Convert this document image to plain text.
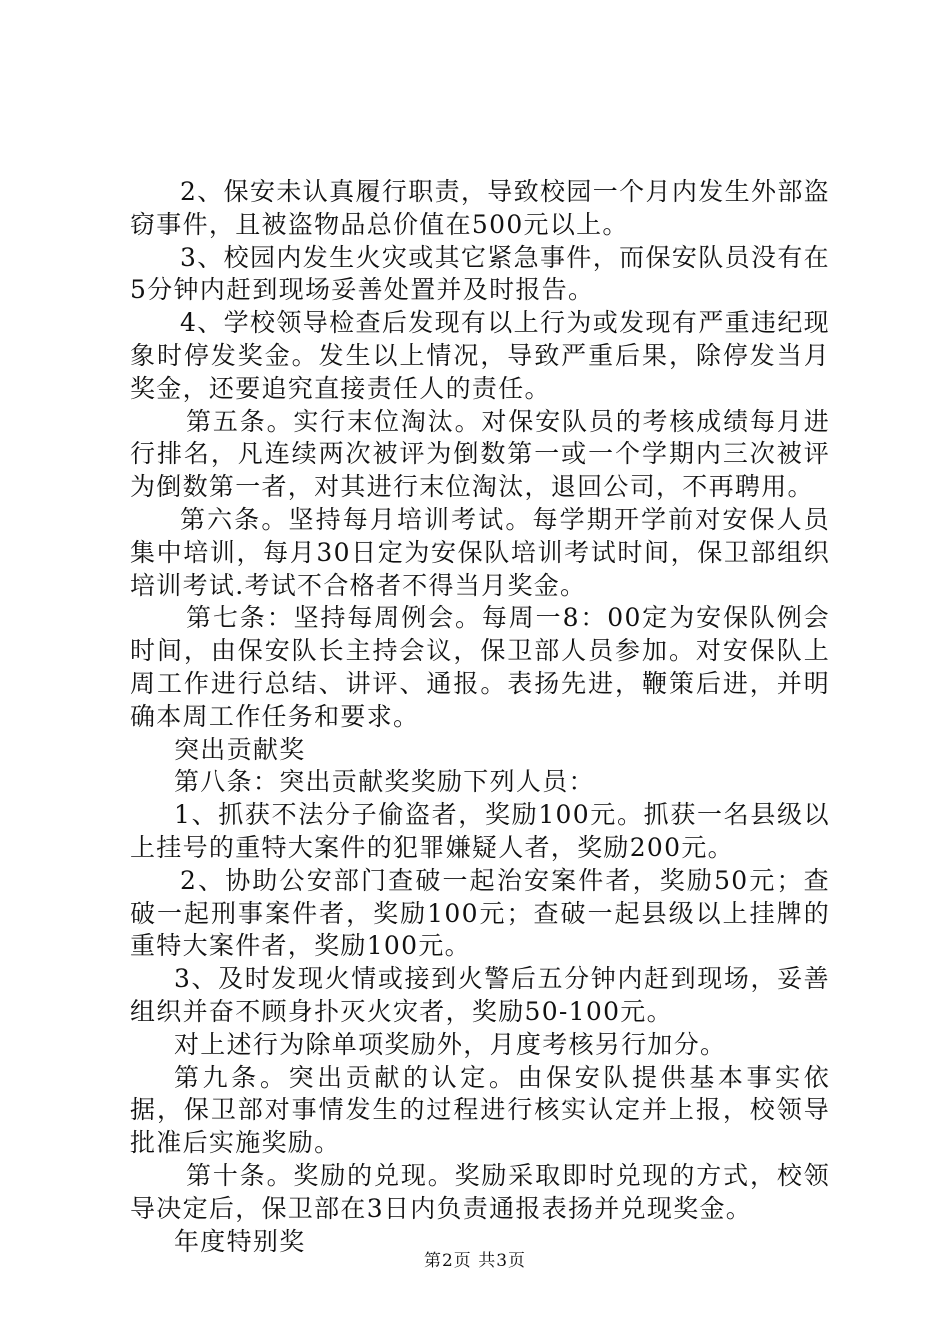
2、保安未认真履行职责，导致校园一个月内发生外部盗窃事件，且被盗物品总价值在500元以上。

3、校园内发生火灾或其它紧急事件，而保安队员没有在5分钟内赶到现场妥善处置并及时报告。

4、学校领导检查后发现有以上行为或发现有严重违纪现象时停发奖金。发生以上情况，导致严重后果，除停发当月奖金，还要追究直接责任人的责任。

第五条。实行末位淘汰。对保安队员的考核成绩每月进行排名，凡连续两次被评为倒数第一或一个学期内三次被评为倒数第一者，对其进行末位淘汰，退回公司，不再聘用。

第六条。坚持每月培训考试。每学期开学前对安保人员集中培训，每月30日定为安保队培训考试时间，保卫部组织培训考试.考试不合格者不得当月奖金。

第七条：坚持每周例会。每周一8：00定为安保队例会时间，由保安队长主持会议，保卫部人员参加。对安保队上周工作进行总结、讲评、通报。表扬先进，鞭策后进，并明确本周工作任务和要求。

突出贡献奖

第八条：突出贡献奖奖励下列人员：

1、抓获不法分子偷盗者，奖励100元。抓获一名县级以上挂号的重特大案件的犯罪嫌疑人者，奖励200元。

2、协助公安部门查破一起治安案件者，奖励50元；查破一起刑事案件者，奖励100元；查破一起县级以上挂牌的重特大案件者，奖励100元。

3、及时发现火情或接到火警后五分钟内赶到现场，妥善组织并奋不顾身扑灭火灾者，奖励50-100元。

对上述行为除单项奖励外，月度考核另行加分。

第九条。突出贡献的认定。由保安队提供基本事实依据，保卫部对事情发生的过程进行核实认定并上报，校领导批准后实施奖励。

第十条。奖励的兑现。奖励采取即时兑现的方式，校领导决定后，保卫部在3日内负责通报表扬并兑现奖金。

年度特别奖

第2页 共3页
